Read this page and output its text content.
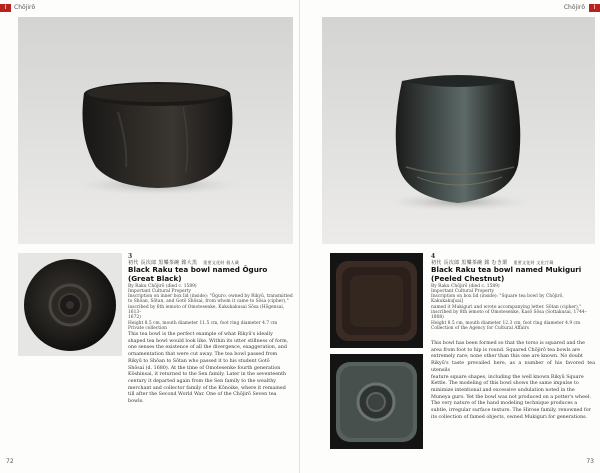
I	Chōjirō
3
初代 長次郎 黒樂茶碗 銘大黒 重要文化財 個人蔵
Black Raku tea bowl named Ōguro (Great Black)
By Raku Chōjirō (died c. 1589)
Important Cultural Property
Inscription on inner box lid (inside): "Ōguro, owned by Rikyū, transmitted
to Shōan, Sōtan, and Gotō Shōsai, from whom it came to Sōsa (cipher),"
inscribed by 6th iemoto of Omotesenke, Kakukakusai Sōsa (Hōgensai, 1613–
1672)
Height 8.5 cm, mouth diameter 11.5 cm, foot ring diameter 4.7 cm
Private collection
This tea bowl is the perfect example of what Rikyū's ideally
shaped tea bowl would look like. Within its utter stillness of form,
one senses the existence of all the divergence, exaggeration, and
ornamentation that were cut away. The tea bowl passed from
Rikyū to Shōan to Sōtan who passed it to his student Gotō
Shōsai (d. 1680). At the time of Omotesenke fourth generation
Kōshinsai, it returned to the Sen family. Later in the seventeenth
century it departed again from the Sen family to the wealthy
merchant and collector family of the Kōnoike, where it remained
till after the Second World War. One of the Chōjirō Seven tea
bowls.
72
Chōjirō	I
4
初代 長次郎 黒樂茶碗 銘 むき栗 重要文化財 文化庁蔵
Black Raku tea bowl named Mukiguri
(Peeled Chestnut)
By Raku Chōjirō (died c. 1589)
Important Cultural Property
Inscription on box lid (inside): "Square tea bowl by Chōjirō, Kakukaku[sai]
named it Mukiguri and wrote accompanying letter. Sōtan (cipher),"
inscribed by 8th iemoto of Omotesenke, Kasō Sōsa (Sottakusai, 1744–
1808)
Height 8.5 cm, mouth diameter 12.3 cm, foot ring diameter 4.9 cm
Collection of the Agency for Cultural Affairs
This bowl has been formed so that the torso is squared and the
area from foot to hip is round. Squared Chōjirō tea bowls are
extremely rare; none other than this one are known. No doubt
Rikyū's taste prevailed here, as a number of his favored tea utensils
feature square shapes, including the well known Rikyū Square
Kettle. The modeling of this bowl shows the same impulse to
minimize intentional and excessive undulation noted in the
Muneya guro. Yet the bowl was not produced on a potter's wheel.
The very nature of the hand modeling technique produces a
subtle, irregular surface texture. The Hirose family, renowned for
its collection of famed objects, owned Mukiguri for generations.
73
